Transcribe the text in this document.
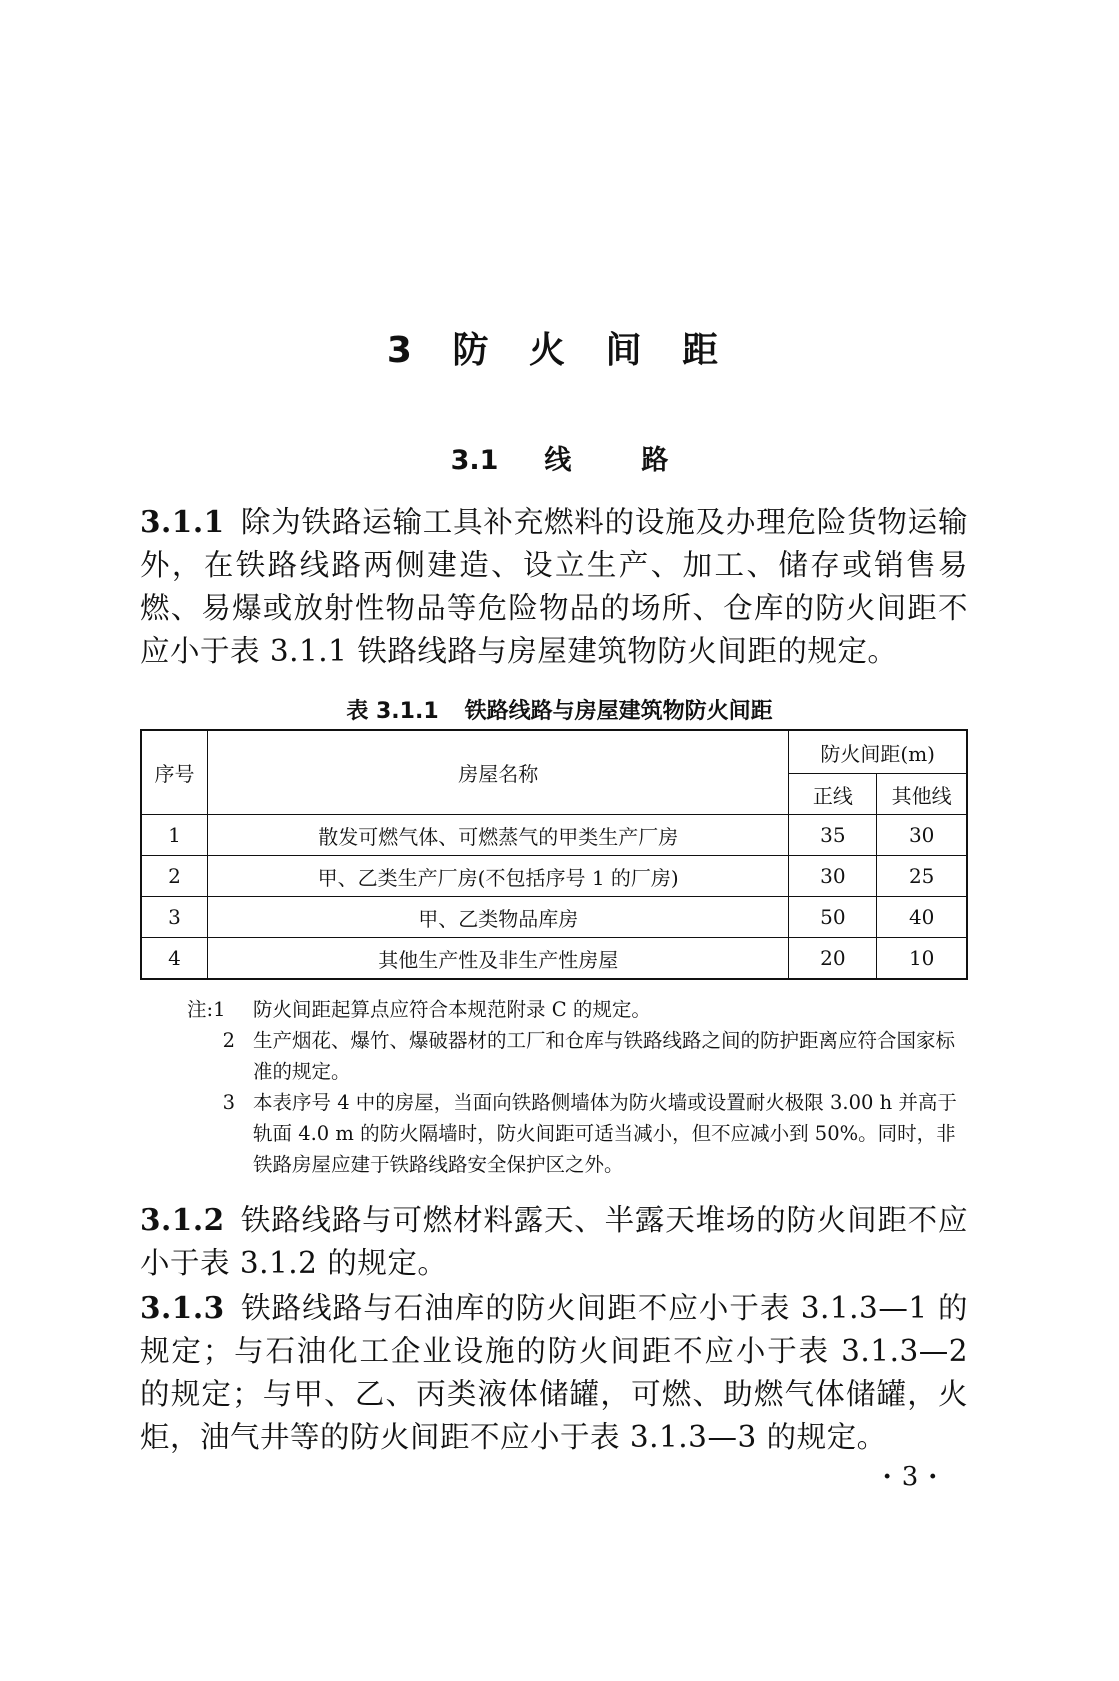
3 防 火 间 距
3.1 线	路
3.1.1 除为铁路运输工具补充燃料的设施及办理危险货物运输外，在铁路线路两侧建造、设立生产、加工、储存或销售易燃、易爆或放射性物品等危险物品的场所、仓库的防火间距不应小于表 3.1.1 铁路线路与房屋建筑物防火间距的规定。
表 3.1.1 铁路线路与房屋建筑物防火间距
序号	房屋名称	防火间距(m)	
		正线	其他线
1	散发可燃气体、可燃蒸气的甲类生产厂房	35	30
2	甲、乙类生产厂房(不包括序号 1 的厂房)	30	25
3	甲、乙类物品库房	50	40
4	其他生产性及非生产性房屋	20	10
注:1	防火间距起算点应符合本规范附录 C 的规定。
2 生产烟花、爆竹、爆破器材的工厂和仓库与铁路线路之间的防护距离应符合国家标准的规定。
3 本表序号 4 中的房屋，当面向铁路侧墙体为防火墙或设置耐火极限 3.00 h 并高于轨面 4.0 m 的防火隔墙时，防火间距可适当减小，但不应减小到 50%。同时，非铁路房屋应建于铁路线路安全保护区之外。
3.1.2 铁路线路与可燃材料露天、半露天堆场的防火间距不应小于表 3.1.2 的规定。
3.1.3 铁路线路与石油库的防火间距不应小于表 3.1.3—1 的规定；与石油化工企业设施的防火间距不应小于表 3.1.3—2 的规定；与甲、乙、丙类液体储罐，可燃、助燃气体储罐，火炬，油气井等的防火间距不应小于表 3.1.3—3 的规定。
· 3 ·
